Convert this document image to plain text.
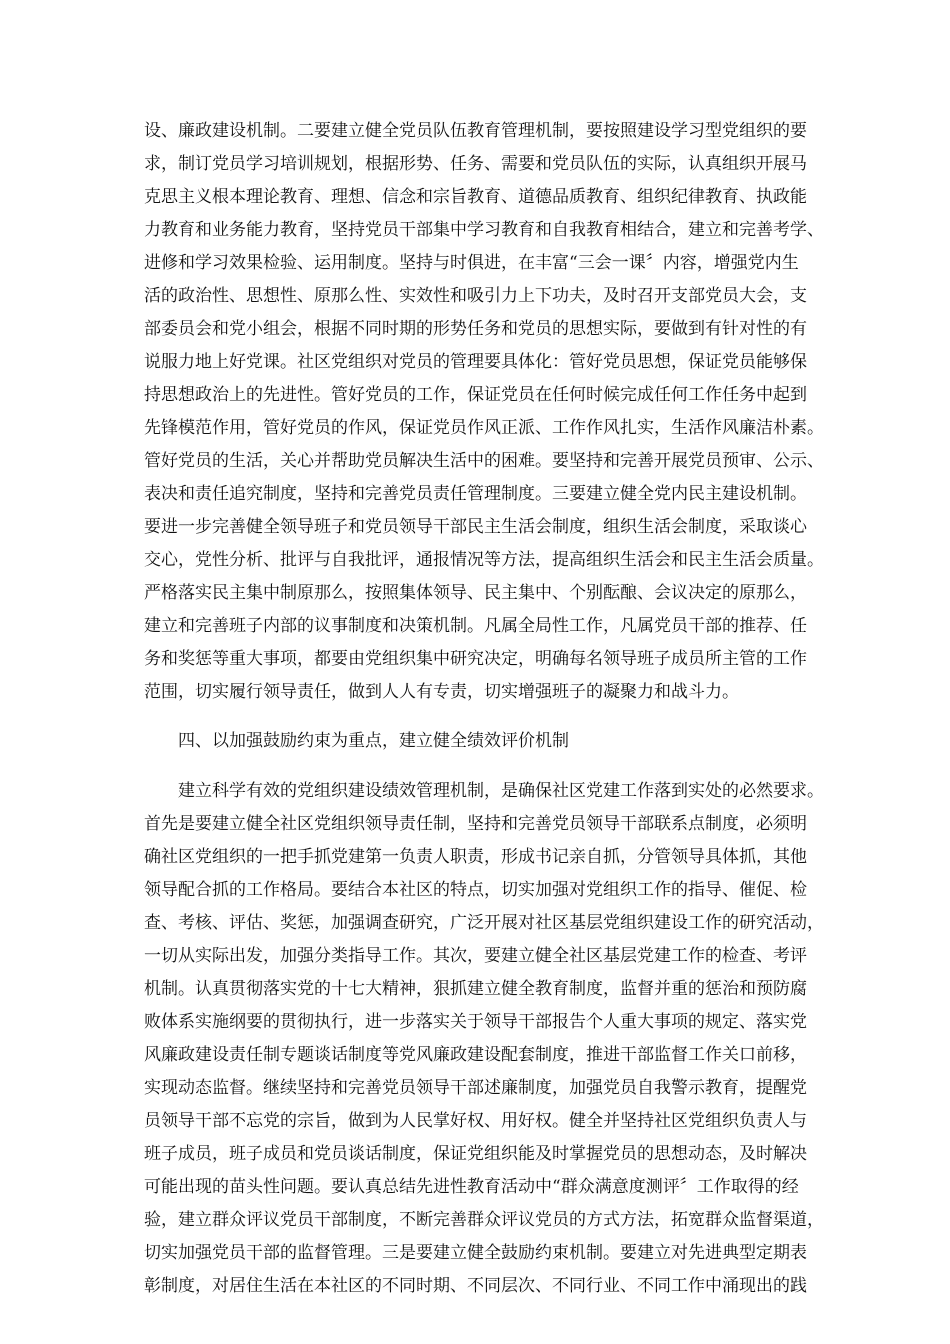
设、廉政建设机制。二要建立健全党员队伍教育管理机制，要按照建设学习型党组织的要
求，制订党员学习培训规划，根据形势、任务、需要和党员队伍的实际，认真组织开展马
克思主义根本理论教育、理想、信念和宗旨教育、道德品质教育、组织纪律教育、执政能
力教育和业务能力教育，坚持党员干部集中学习教育和自我教育相结合，建立和完善考学、
进修和学习效果检验、运用制度。坚持与时俱进，在丰富“三会一课〞内容，增强党内生
活的政治性、思想性、原那么性、实效性和吸引力上下功夫，及时召开支部党员大会，支
部委员会和党小组会，根据不同时期的形势任务和党员的思想实际，要做到有针对性的有
说服力地上好党课。社区党组织对党员的管理要具体化：管好党员思想，保证党员能够保
持思想政治上的先进性。管好党员的工作，保证党员在任何时候完成任何工作任务中起到
先锋模范作用，管好党员的作风，保证党员作风正派、工作作风扎实，生活作风廉洁朴素。
管好党员的生活，关心并帮助党员解决生活中的困难。要坚持和完善开展党员预审、公示、
表决和责任追究制度，坚持和完善党员责任管理制度。三要建立健全党内民主建设机制。
要进一步完善健全领导班子和党员领导干部民主生活会制度，组织生活会制度，采取谈心
交心，党性分析、批评与自我批评，通报情况等方法，提高组织生活会和民主生活会质量。
严格落实民主集中制原那么，按照集体领导、民主集中、个别酝酿、会议决定的原那么，
建立和完善班子内部的议事制度和决策机制。凡属全局性工作，凡属党员干部的推荐、任
务和奖惩等重大事项，都要由党组织集中研究决定，明确每名领导班子成员所主管的工作
范围，切实履行领导责任，做到人人有专责，切实增强班子的凝聚力和战斗力。
四、以加强鼓励约束为重点，建立健全绩效评价机制
建立科学有效的党组织建设绩效管理机制，是确保社区党建工作落到实处的必然要求。
首先是要建立健全社区党组织领导责任制，坚持和完善党员领导干部联系点制度，必须明
确社区党组织的一把手抓党建第一负责人职责，形成书记亲自抓，分管领导具体抓，其他
领导配合抓的工作格局。要结合本社区的特点，切实加强对党组织工作的指导、催促、检
查、考核、评估、奖惩，加强调查研究，广泛开展对社区基层党组织建设工作的研究活动，
一切从实际出发，加强分类指导工作。其次，要建立健全社区基层党建工作的检查、考评
机制。认真贯彻落实党的十七大精神，狠抓建立健全教育制度，监督并重的惩治和预防腐
败体系实施纲要的贯彻执行，进一步落实关于领导干部报告个人重大事项的规定、落实党
风廉政建设责任制专题谈话制度等党风廉政建设配套制度，推进干部监督工作关口前移，
实现动态监督。继续坚持和完善党员领导干部述廉制度，加强党员自我警示教育，提醒党
员领导干部不忘党的宗旨，做到为人民掌好权、用好权。健全并坚持社区党组织负责人与
班子成员，班子成员和党员谈话制度，保证党组织能及时掌握党员的思想动态，及时解决
可能出现的苗头性问题。要认真总结先进性教育活动中“群众满意度测评〞工作取得的经
验，建立群众评议党员干部制度，不断完善群众评议党员的方式方法，拓宽群众监督渠道，
切实加强党员干部的监督管理。三是要建立健全鼓励约束机制。要建立对先进典型定期表
彰制度，对居住生活在本社区的不同时期、不同层次、不同行业、不同工作中涌现出的践
